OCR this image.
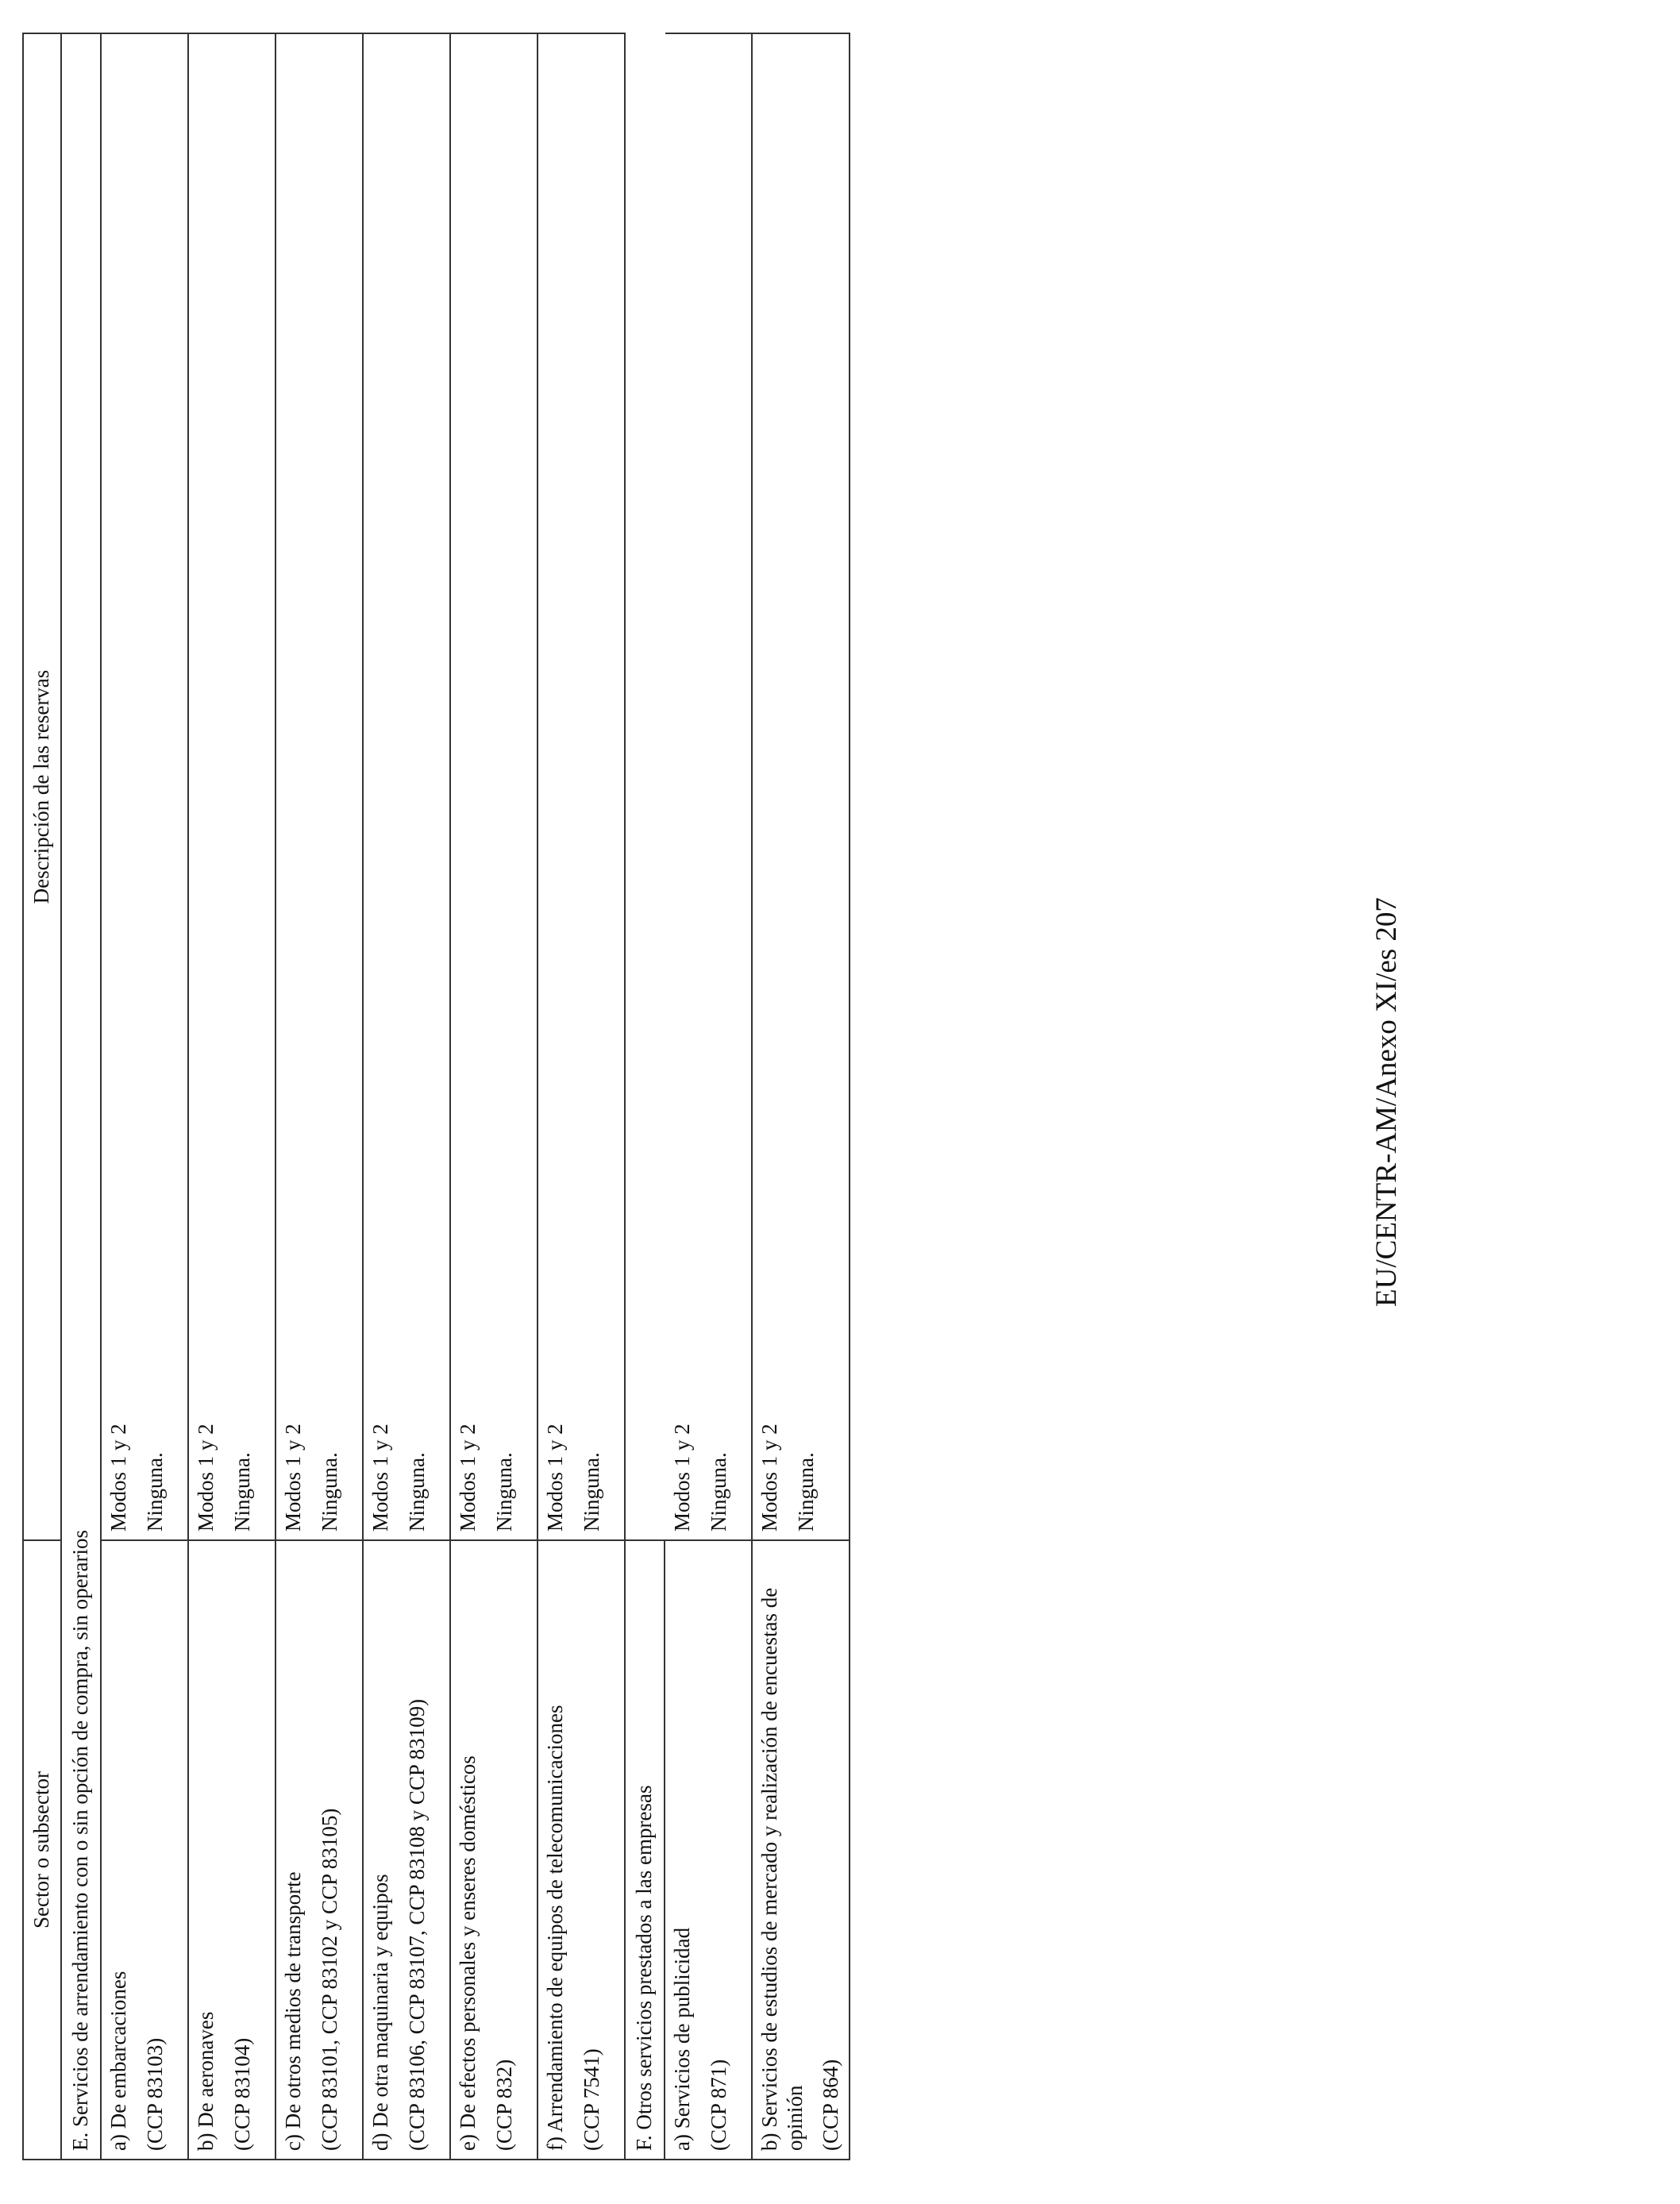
Sector o subsector	Descripción de las reservas
E. Servicios de arrendamiento con o sin opción de compra, sin operarios	

a) De embarcaciones (CCP 83103)	Modos 1 y 2 Ninguna.

b) De aeronaves (CCP 83104)	Modos 1 y 2 Ninguna.

c) De otros medios de transporte (CCP 83101, CCP 83102 y CCP 83105)	Modos 1 y 2 Ninguna.

d) De otra maquinaria y equipos (CCP 83106, CCP 83107, CCP 83108 y CCP 83109)	Modos 1 y 2 Ninguna.

e) De efectos personales y enseres domésticos (CCP 832)	Modos 1 y 2 Ninguna.

f) Arrendamiento de equipos de telecomunicaciones (CCP 7541)	Modos 1 y 2 Ninguna.

F. Otros servicios prestados a las empresas	

a) Servicios de publicidad (CCP 871)	Modos 1 y 2 Ninguna.

b) Servicios de estudios de mercado y realización de encuestas de opinión (CCP 864)	Modos 1 y 2 Ninguna.
EU/CENTR-AM/Anexo XI/es 207
